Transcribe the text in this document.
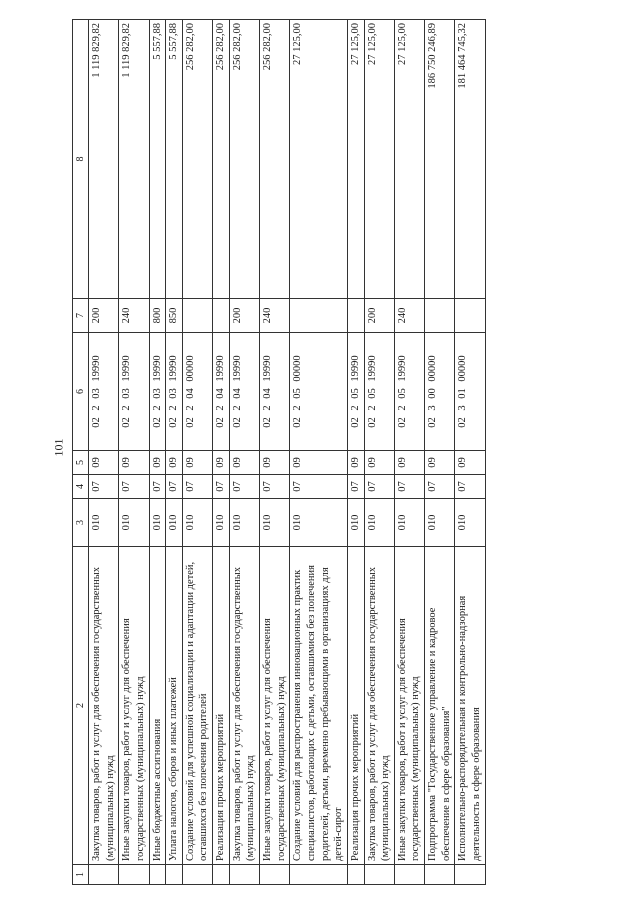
101
1	2	3	4	5	6	7	8
	Закупка товаров, работ и услуг для обеспечения государственных (муниципальных) нужд	010	07	09	02 2 03 19990	200	1 119 829,82
	Иные закупки товаров, работ и услуг для обеспечения государственных (муниципальных) нужд	010	07	09	02 2 03 19990	240	1 119 829,82
	Иные бюджетные ассигнования	010	07	09	02 2 03 19990	800	5 557,88
	Уплата налогов, сборов и иных платежей	010	07	09	02 2 03 19990	850	5 557,88
	Создание условий для успешной социализации и адаптации детей, оставшихся без попечения родителей	010	07	09	02 2 04 00000		256 282,00
	Реализация прочих мероприятий	010	07	09	02 2 04 19990		256 282,00
	Закупка товаров, работ и услуг для обеспечения государственных (муниципальных) нужд	010	07	09	02 2 04 19990	200	256 282,00
	Иные закупки товаров, работ и услуг для обеспечения государственных (муниципальных) нужд	010	07	09	02 2 04 19990	240	256 282,00
	Создание условий для распространения инновационных практик специалистов, работающих с детьми, оставшимися без попечения родителей, детьми, временно пребывающими в организациях для детей-сирот	010	07	09	02 2 05 00000		27 125,00
	Реализация прочих мероприятий	010	07	09	02 2 05 19990		27 125,00
	Закупка товаров, работ и услуг для обеспечения государственных (муниципальных) нужд	010	07	09	02 2 05 19990	200	27 125,00
	Иные закупки товаров, работ и услуг для обеспечения государственных (муниципальных) нужд	010	07	09	02 2 05 19990	240	27 125,00
	Подпрограмма "Государственное управление и кадровое обеспечение в сфере образования"	010	07	09	02 3 00 00000		186 750 246,89
	Исполнительно-распорядительная и контрольно-надзорная деятельность в сфере образования	010	07	09	02 3 01 00000		181 464 745,32
